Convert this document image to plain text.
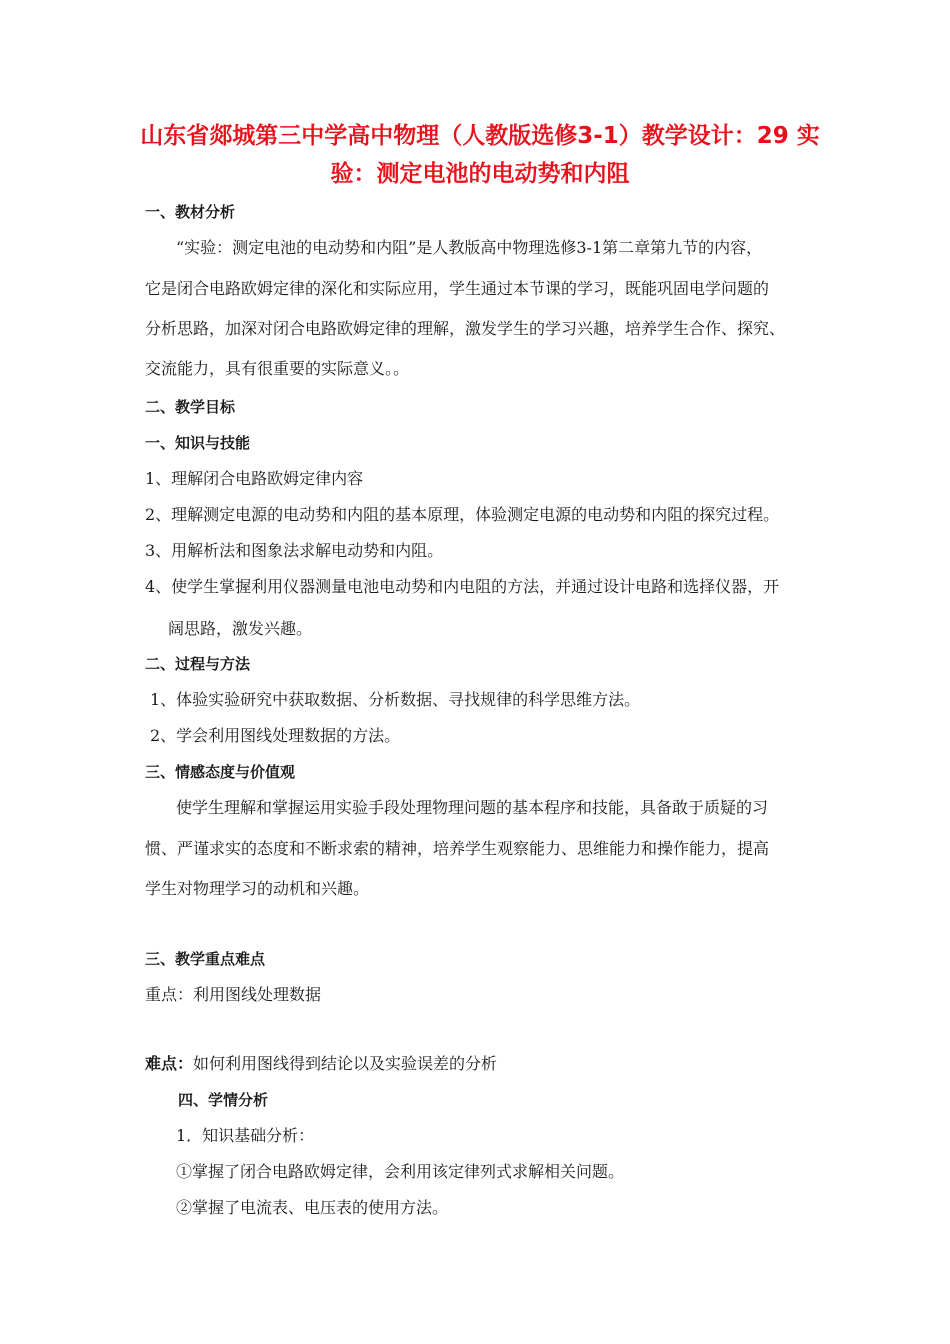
山东省郯城第三中学高中物理（人教版选修3-1）教学设计：29 实
验：测定电池的电动势和内阻
一、教材分析
“实验：测定电池的电动势和内阻”是人教版高中物理选修3-1第二章第九节的内容，
它是闭合电路欧姆定律的深化和实际应用，学生通过本节课的学习，既能巩固电学问题的
分析思路，加深对闭合电路欧姆定律的理解，激发学生的学习兴趣，培养学生合作、探究、
交流能力，具有很重要的实际意义。。
二、教学目标
一、知识与技能
1、理解闭合电路欧姆定律内容
2、理解测定电源的电动势和内阻的基本原理，体验测定电源的电动势和内阻的探究过程。
3、用解析法和图象法求解电动势和内阻。
4、使学生掌握利用仪器测量电池电动势和内电阻的方法，并通过设计电路和选择仪器，开
阔思路，激发兴趣。
二、过程与方法
1、体验实验研究中获取数据、分析数据、寻找规律的科学思维方法。
2、学会利用图线处理数据的方法。
三、情感态度与价值观
使学生理解和掌握运用实验手段处理物理问题的基本程序和技能，具备敢于质疑的习
惯、严谨求实的态度和不断求索的精神，培养学生观察能力、思维能力和操作能力，提高
学生对物理学习的动机和兴趣。
三、教学重点难点
重点：利用图线处理数据
难点：如何利用图线得到结论以及实验误差的分析
四、学情分析
1．知识基础分析：
①掌握了闭合电路欧姆定律，会利用该定律列式求解相关问题。
②掌握了电流表、电压表的使用方法。
